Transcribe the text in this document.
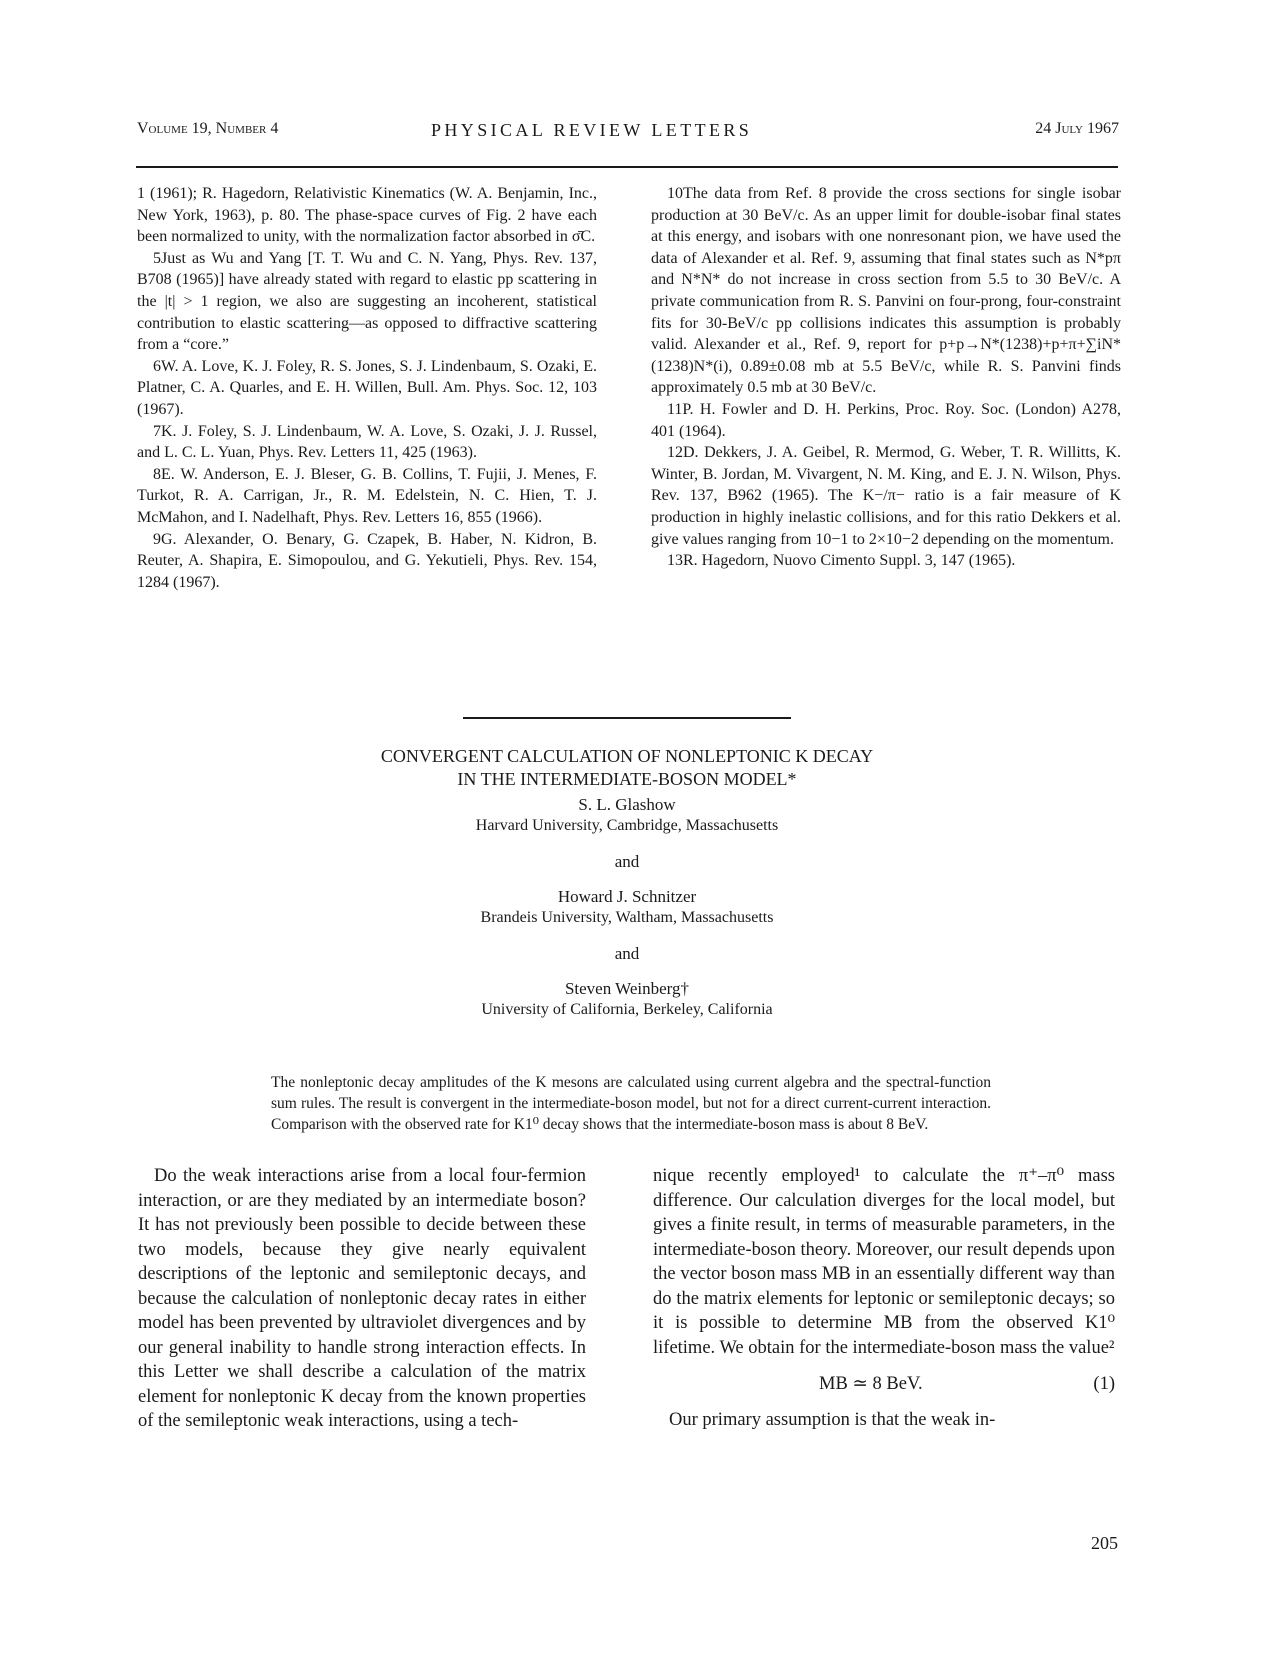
Volume 19, Number 4	PHYSICAL REVIEW LETTERS	24 July 1967

1 (1961); R. Hagedorn, Relativistic Kinematics (W. A. Benjamin, Inc., New York, 1963), p. 80. The phase-space curves of Fig. 2 have each been normalized to unity, with the normalization factor absorbed in σ̄C.

5Just as Wu and Yang [T. T. Wu and C. N. Yang, Phys. Rev. 137, B708 (1965)] have already stated with regard to elastic pp scattering in the |t| > 1 region, we also are suggesting an incoherent, statistical contribution to elastic scattering—as opposed to diffractive scattering from a “core.”

6W. A. Love, K. J. Foley, R. S. Jones, S. J. Lindenbaum, S. Ozaki, E. Platner, C. A. Quarles, and E. H. Willen, Bull. Am. Phys. Soc. 12, 103 (1967).

7K. J. Foley, S. J. Lindenbaum, W. A. Love, S. Ozaki, J. J. Russel, and L. C. L. Yuan, Phys. Rev. Letters 11, 425 (1963).

8E. W. Anderson, E. J. Bleser, G. B. Collins, T. Fujii, J. Menes, F. Turkot, R. A. Carrigan, Jr., R. M. Edelstein, N. C. Hien, T. J. McMahon, and I. Nadelhaft, Phys. Rev. Letters 16, 855 (1966).

9G. Alexander, O. Benary, G. Czapek, B. Haber, N. Kidron, B. Reuter, A. Shapira, E. Simopoulou, and G. Yekutieli, Phys. Rev. 154, 1284 (1967).

10The data from Ref. 8 provide the cross sections for single isobar production at 30 BeV/c. As an upper limit for double-isobar final states at this energy, and isobars with one nonresonant pion, we have used the data of Alexander et al. Ref. 9, assuming that final states such as N*pπ and N*N* do not increase in cross section from 5.5 to 30 BeV/c. A private communication from R. S. Panvini on four-prong, four-constraint fits for 30-BeV/c pp collisions indicates this assumption is probably valid. Alexander et al., Ref. 9, report for p+p→N*(1238)+p+π+∑iN*(1238)N*(i), 0.89±0.08 mb at 5.5 BeV/c, while R. S. Panvini finds approximately 0.5 mb at 30 BeV/c.

11P. H. Fowler and D. H. Perkins, Proc. Roy. Soc. (London) A278, 401 (1964).

12D. Dekkers, J. A. Geibel, R. Mermod, G. Weber, T. R. Willitts, K. Winter, B. Jordan, M. Vivargent, N. M. King, and E. J. N. Wilson, Phys. Rev. 137, B962 (1965). The K−/π− ratio is a fair measure of K production in highly inelastic collisions, and for this ratio Dekkers et al. give values ranging from 10−1 to 2×10−2 depending on the momentum.

13R. Hagedorn, Nuovo Cimento Suppl. 3, 147 (1965).

CONVERGENT CALCULATION OF NONLEPTONIC K DECAY
IN THE INTERMEDIATE-BOSON MODEL*
S. L. Glashow
Harvard University, Cambridge, Massachusetts
and
Howard J. Schnitzer
Brandeis University, Waltham, Massachusetts
and
Steven Weinberg†
University of California, Berkeley, California
The nonleptonic decay amplitudes of the K mesons are calculated using current algebra and the spectral-function sum rules. The result is convergent in the intermediate-boson model, but not for a direct current-current interaction. Comparison with the observed rate for K1⁰ decay shows that the intermediate-boson mass is about 8 BeV.

Do the weak interactions arise from a local four-fermion interaction, or are they mediated by an intermediate boson? It has not previously been possible to decide between these two models, because they give nearly equivalent descriptions of the leptonic and semileptonic decays, and because the calculation of nonleptonic decay rates in either model has been prevented by ultraviolet divergences and by our general inability to handle strong interaction effects. In this Letter we shall describe a calculation of the matrix element for nonleptonic K decay from the known properties of the semileptonic weak interactions, using a tech-

nique recently employed¹ to calculate the π⁺–π⁰ mass difference. Our calculation diverges for the local model, but gives a finite result, in terms of measurable parameters, in the intermediate-boson theory. Moreover, our result depends upon the vector boson mass MB in an essentially different way than do the matrix elements for leptonic or semileptonic decays; so it is possible to determine MB from the observed K1⁰ lifetime. We obtain for the intermediate-boson mass the value²

MB ≃ 8 BeV.	(1)

Our primary assumption is that the weak in-

205
